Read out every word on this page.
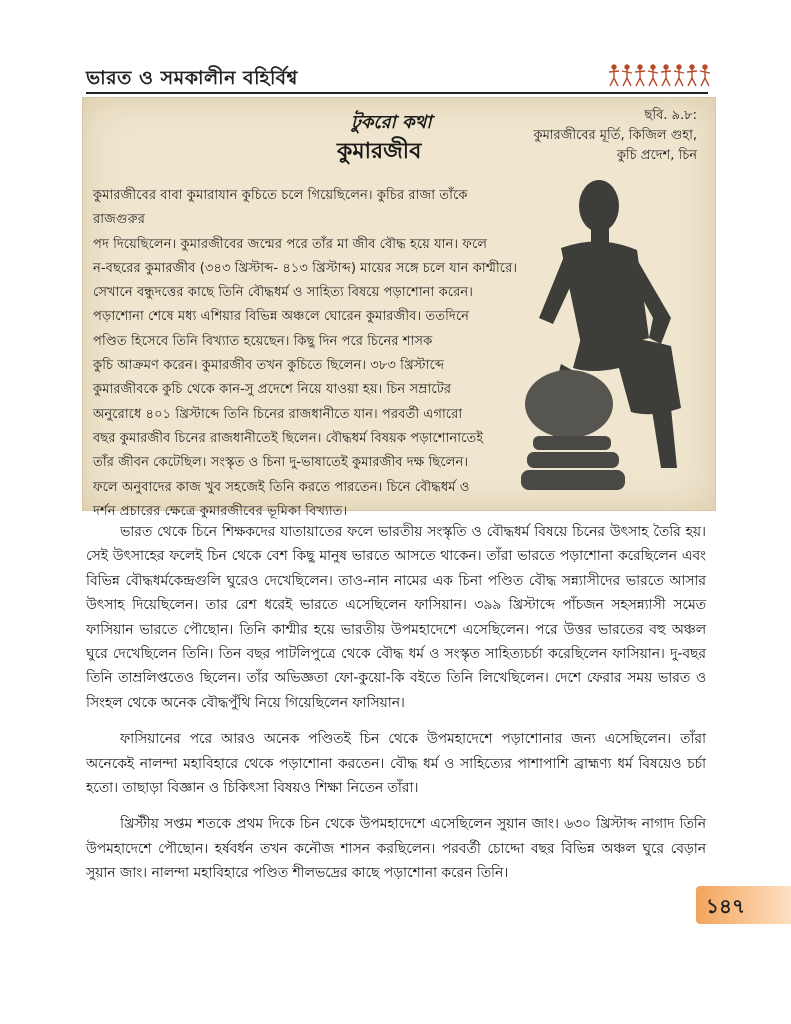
ভারত ও সমকালীন বহির্বিশ্ব
টুকরো কথা
কুমারজীব
ছবি. ৯.৮:
কুমারজীবের মূর্তি, কিজিল গুহা,
কুচি প্রদেশ, চিন

কুমারজীবের বাবা কুমারাযান কুচিতে চলে গিয়েছিলেন। কুচির রাজা তাঁকে রাজগুরুর

পদ দিয়েছিলেন। কুমারজীবের জন্মের পরে তাঁর মা জীব বৌদ্ধ হয়ে যান। ফলে

ন-বছরের কুমারজীব (৩৪৩ খ্রিস্টাব্দ- ৪১৩ খ্রিস্টাব্দ) মায়ের সঙ্গে চলে যান কাশ্মীরে।

সেখানে বন্ধুদত্তের কাছে তিনি বৌদ্ধধর্ম ও সাহিত্য বিষয়ে পড়াশোনা করেন।

পড়াশোনা শেষে মধ্য এশিয়ার বিভিন্ন অঞ্চলে ঘোরেন কুমারজীব। ততদিনে

পণ্ডিত হিসেবে তিনি বিখ্যাত হয়েছেন। কিছু দিন পরে চিনের শাসক

কুচি আক্রমণ করেন। কুমারজীব তখন কুচিতে ছিলেন। ৩৮৩ খ্রিস্টাব্দে

কুমারজীবকে কুচি থেকে কান-সু প্রদেশে নিয়ে যাওয়া হয়। চিন সম্রাটের

অনুরোধে ৪০১ খ্রিস্টাব্দে তিনি চিনের রাজধানীতে যান। পরবর্তী এগারো

বছর কুমারজীব চিনের রাজধানীতেই ছিলেন। বৌদ্ধধর্ম বিষয়ক পড়াশোনাতেই

তাঁর জীবন কেটেছিল। সংস্কৃত ও চিনা দু-ভাষাতেই কুমারজীব দক্ষ ছিলেন।

ফলে অনুবাদের কাজ খুব সহজেই তিনি করতে পারতেন। চিনে বৌদ্ধধর্ম ও

দর্শন প্রচারের ক্ষেত্রে কুমারজীবের ভূমিকা বিখ্যাত।

ভারত থেকে চিনে শিক্ষকদের যাতায়াতের ফলে ভারতীয় সংস্কৃতি ও বৌদ্ধধর্ম বিষয়ে চিনের উৎসাহ তৈরি হয়। সেই উৎসাহের ফলেই চিন থেকে বেশ কিছু মানুষ ভারতে আসতে থাকেন। তাঁরা ভারতে পড়াশোনা করেছিলেন এবং বিভিন্ন বৌদ্ধধর্মকেন্দ্রগুলি ঘুরেও দেখেছিলেন। তাও-নান নামের এক চিনা পণ্ডিত বৌদ্ধ সন্ন্যাসীদের ভারতে আসার উৎসাহ দিয়েছিলেন। তার রেশ ধরেই ভারতে এসেছিলেন ফাসিয়ান। ৩৯৯ খ্রিস্টাব্দে পাঁচজন সহসন্ন্যাসী সমেত ফাসিয়ান ভারতে পৌছোন। তিনি কাশ্মীর হয়ে ভারতীয় উপমহাদেশে এসেছিলেন। পরে উত্তর ভারতের বহু অঞ্চল ঘুরে দেখেছিলেন তিনি। তিন বছর পাটলিপুত্রে থেকে বৌদ্ধ ধর্ম ও সংস্কৃত সাহিত্যচর্চা করেছিলেন ফাসিয়ান। দু-বছর তিনি তাম্রলিপ্ততেও ছিলেন। তাঁর অভিজ্ঞতা ফো-কুয়ো-কি বইতে তিনি লিখেছিলেন। দেশে ফেরার সময় ভারত ও সিংহল থেকে অনেক বৌদ্ধপুঁথি নিয়ে গিয়েছিলেন ফাসিয়ান।

ফাসিয়ানের পরে আরও অনেক পণ্ডিতই চিন থেকে উপমহাদেশে পড়াশোনার জন্য এসেছিলেন। তাঁরা অনেকেই নালন্দা মহাবিহারে থেকে পড়াশোনা করতেন। বৌদ্ধ ধর্ম ও সাহিত্যের পাশাপাশি ব্রাহ্মণ্য ধর্ম বিষয়েও চর্চা হতো। তাছাড়া বিজ্ঞান ও চিকিৎসা বিষয়ও শিক্ষা নিতেন তাঁরা।

খ্রিস্টীয় সপ্তম শতকে প্রথম দিকে চিন থেকে উপমহাদেশে এসেছিলেন সুয়ান জাং। ৬৩০ খ্রিস্টাব্দ নাগাদ তিনি উপমহাদেশে পৌছোন। হর্ষবর্ধন তখন কনৌজ শাসন করছিলেন। পরবর্তী চোদ্দো বছর বিভিন্ন অঞ্চল ঘুরে বেড়ান সুয়ান জাং। নালন্দা মহাবিহারে পণ্ডিত শীলভদ্রের কাছে পড়াশোনা করেন তিনি।

১৪৭
